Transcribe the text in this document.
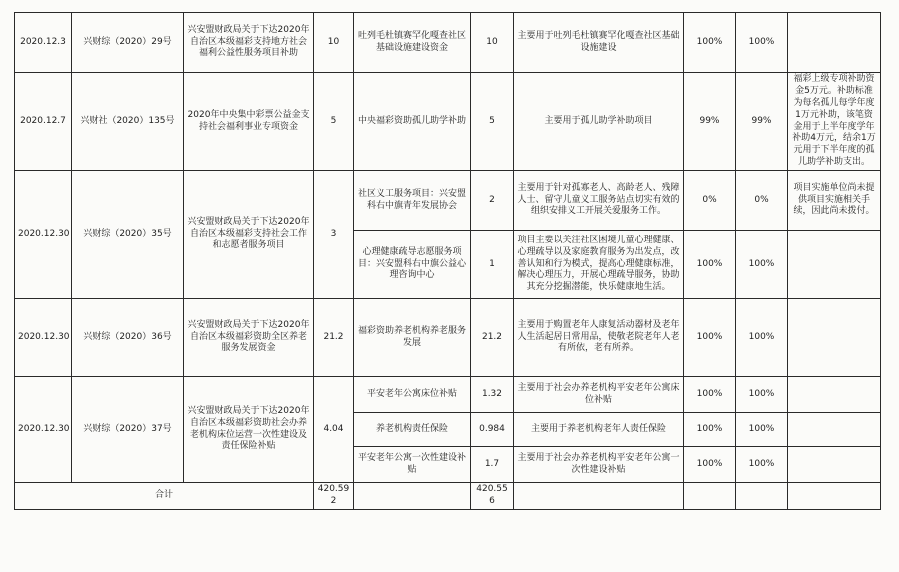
2020.12.3	兴财综（2020）29号	兴安盟财政局关于下达2020年自治区本级福彩支持地方社会福利公益性服务项目补助	10	吐列毛杜镇赛罕化嘎查社区基础设施建设资金	10	主要用于吐列毛杜镇赛罕化嘎查社区基础设施建设	100%	100%	
2020.12.7	兴财社（2020）135号	2020年中央集中彩票公益金支持社会福利事业专项资金	5	中央福彩资助孤儿助学补助	5	主要用于孤儿助学补助项目	99%	99%	福彩上级专项补助资金5万元。补助标准为每名孤儿每学年度1万元补助，该笔资金用于上半年度学年补助4万元，结余1万元用于下半年度的孤儿助学补助支出。
2020.12.30	兴财综（2020）35号	兴安盟财政局关于下达2020年自治区本级福彩支持社会工作和志愿者服务项目	3	社区义工服务项目：兴安盟科右中旗青年发展协会	2	主要用于针对孤寡老人、高龄老人、残障人士、留守儿童义工服务站点切实有效的组织安排义工开展关爱服务工作。	0%	0%	项目实施单位尚未提供项目实施相关手续，因此尚未拨付。
				心理健康疏导志愿服务项目：兴安盟科右中旗公益心理咨询中心	1	项目主要以关注社区困境儿童心理健康、心理疏导以及家庭教育服务为出发点，改善认知和行为模式，提高心理健康标准，解决心理压力，开展心理疏导服务，协助其充分挖掘潜能，快乐健康地生活。	100%	100%	
2020.12.30	兴财综（2020）36号	兴安盟财政局关于下达2020年自治区本级福彩资助全区养老服务发展资金	21.2	福彩资助养老机构养老服务发展	21.2	主要用于购置老年人康复活动器材及老年人生活起居日常用品，使敬老院老年人老有所依，老有所养。	100%	100%	
2020.12.30	兴财综（2020）37号	兴安盟财政局关于下达2020年自治区本级福彩资助社会办养老机构床位运营一次性建设及责任保险补贴	4.04	平安老年公寓床位补贴	1.32	主要用于社会办养老机构平安老年公寓床位补贴	100%	100%	
				养老机构责任保险	0.984	主要用于养老机构老年人责任保险	100%	100%	
				平安老年公寓一次性建设补贴	1.7	主要用于社会办养老机构平安老年公寓一次性建设补贴	100%	100%	
合计			420.592		420.556				
